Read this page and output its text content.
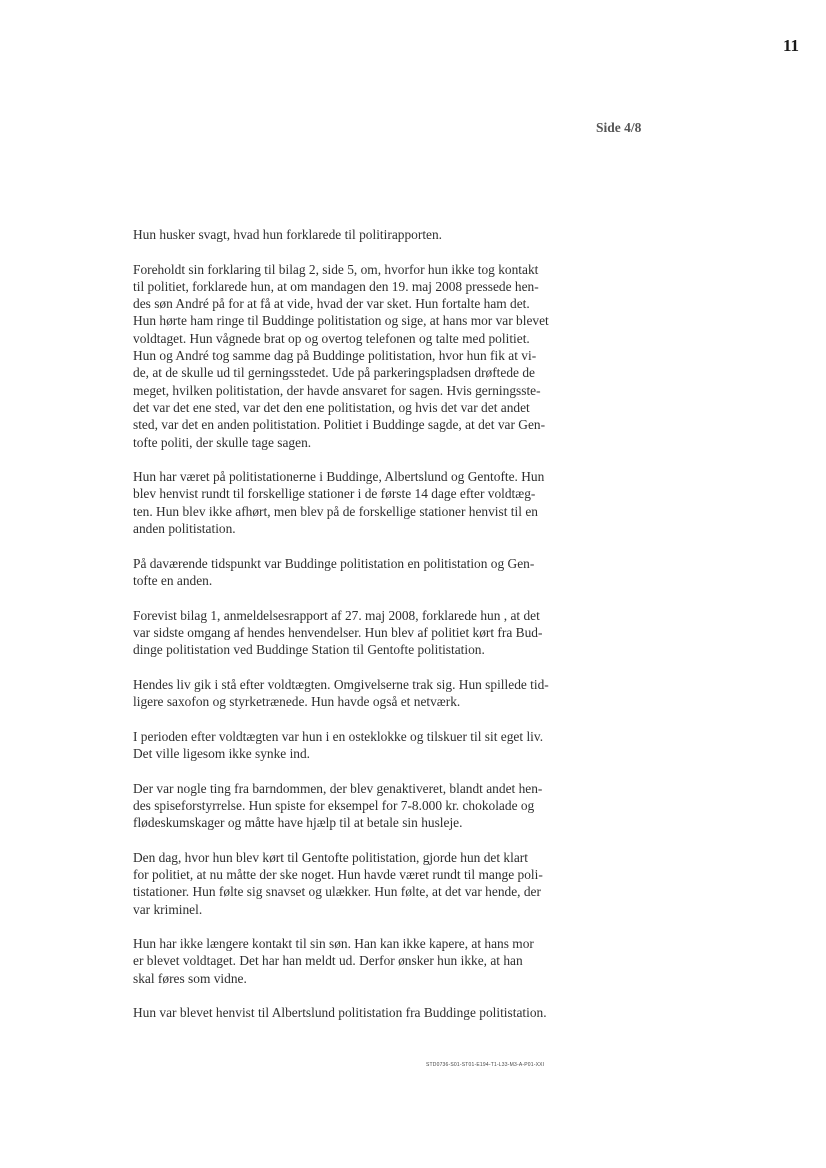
11
Side 4/8

Hun husker svagt, hvad hun forklarede til politirapporten.

Foreholdt sin forklaring til bilag 2, side 5, om, hvorfor hun ikke tog kontakt
til politiet, forklarede hun, at om mandagen den 19. maj 2008 pressede hen-
des søn André på for at få at vide, hvad der var sket. Hun fortalte ham det.
Hun hørte ham ringe til Buddinge politistation og sige, at hans mor var blevet
voldtaget. Hun vågnede brat op og overtog telefonen og talte med politiet.
Hun og André tog samme dag på Buddinge politistation, hvor hun fik at vi-
de, at de skulle ud til gerningsstedet. Ude på parkeringspladsen drøftede de
meget, hvilken politistation, der havde ansvaret for sagen. Hvis gerningsste-
det var det ene sted, var det den ene politistation, og hvis det var det andet
sted, var det en anden politistation. Politiet i Buddinge sagde, at det var Gen-
tofte politi, der skulle tage sagen.

Hun har været på politistationerne i Buddinge, Albertslund og Gentofte. Hun
blev henvist rundt til forskellige stationer i de første 14 dage efter voldtæg-
ten. Hun blev ikke afhørt, men blev på de forskellige stationer henvist til en
anden politistation.

På daværende tidspunkt var Buddinge politistation en politistation og Gen-
tofte en anden.

Forevist bilag 1, anmeldelsesrapport af 27. maj 2008, forklarede hun , at det
var sidste omgang af hendes henvendelser. Hun blev af politiet kørt fra Bud-
dinge politistation ved Buddinge Station til Gentofte politistation.

Hendes liv gik i stå efter voldtægten. Omgivelserne trak sig. Hun spillede tid-
ligere saxofon og styrketrænede. Hun havde også et netværk.

I perioden efter voldtægten var hun i en osteklokke og tilskuer til sit eget liv.
Det ville ligesom ikke synke ind.

Der var nogle ting fra barndommen, der blev genaktiveret, blandt andet hen-
des spiseforstyrrelse. Hun spiste for eksempel for 7-8.000 kr. chokolade og
flødeskumskager og måtte have hjælp til at betale sin husleje.

Den dag, hvor hun blev kørt til Gentofte politistation, gjorde hun det klart
for politiet, at nu måtte der ske noget. Hun havde været rundt til mange poli-
tistationer. Hun følte sig snavset og ulækker. Hun følte, at det var hende, der
var kriminel.

Hun har ikke længere kontakt til sin søn. Han kan ikke kapere, at hans mor
er blevet voldtaget. Det har han meldt ud. Derfor ønsker hun ikke, at han
skal føres som vidne.

Hun var blevet henvist til Albertslund politistation fra Buddinge politistation.

STD0736-S01-ST01-E194-T1-L33-M3-A-P01-XXI
